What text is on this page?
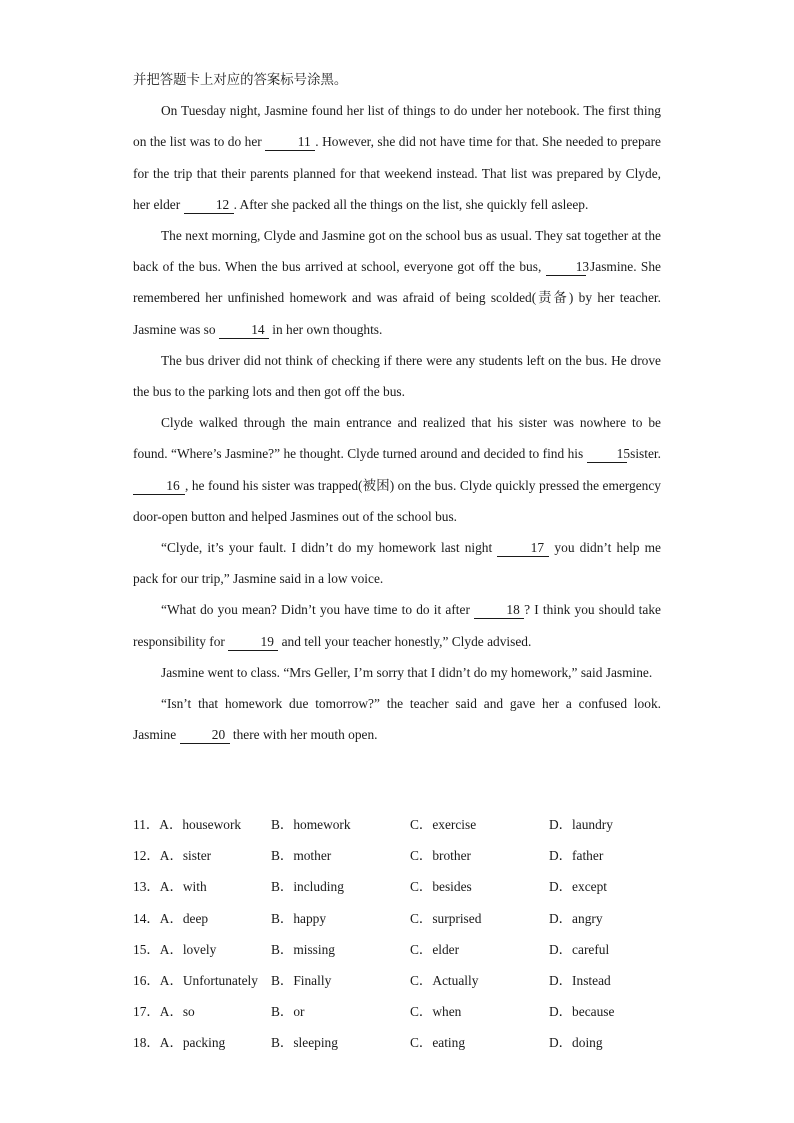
并把答题卡上对应的答案标号涂黑。

On Tuesday night, Jasmine found her list of things to do under her notebook. The first thing on the list was to do her 11 . However, she did not have time for that. She needed to prepare for the trip that their parents planned for that weekend instead. That list was prepared by Clyde, her elder 12 . After she packed all the things on the list, she quickly fell asleep.

The next morning, Clyde and Jasmine got on the school bus as usual. They sat together at the back of the bus. When the bus arrived at school, everyone got off the bus, 13 Jasmine. She remembered her unfinished homework and was afraid of being scolded(责备) by her teacher. Jasmine was so 14 in her own thoughts.

The bus driver did not think of checking if there were any students left on the bus. He drove the bus to the parking lots and then got off the bus.

Clyde walked through the main entrance and realized that his sister was nowhere to be found. “Where’s Jasmine?” he thought. Clyde turned around and decided to find his 15 sister. 16 , he found his sister was trapped(被困) on the bus. Clyde quickly pressed the emergency door-open button and helped Jasmines out of the school bus.

“Clyde, it’s your fault. I didn’t do my homework last night 17 you didn’t help me pack for our trip,” Jasmine said in a low voice.

“What do you mean? Didn’t you have time to do it after 18 ? I think you should take responsibility for 19 and tell your teacher honestly,” Clyde advised.

Jasmine went to class. “Mrs Geller, I’m sorry that I didn’t do my homework,” said Jasmine.

“Isn’t that homework due tomorrow?” the teacher said and gave her a confused look. Jasmine 20 there with her mouth open.

11．A．housework	B．homework	C．exercise	D．laundry
12．A．sister	B．mother	C．brother	D．father
13．A．with	B．including	C．besides	D．except
14．A．deep	B．happy	C．surprised	D．angry
15．A．lovely	B．missing	C．elder	D．careful
16．A．Unfortunately B．Finally	C．Actually	D．Instead
17．A．so	B．or	C．when	D．because
18．A．packing	B．sleeping	C．eating	D．doing
